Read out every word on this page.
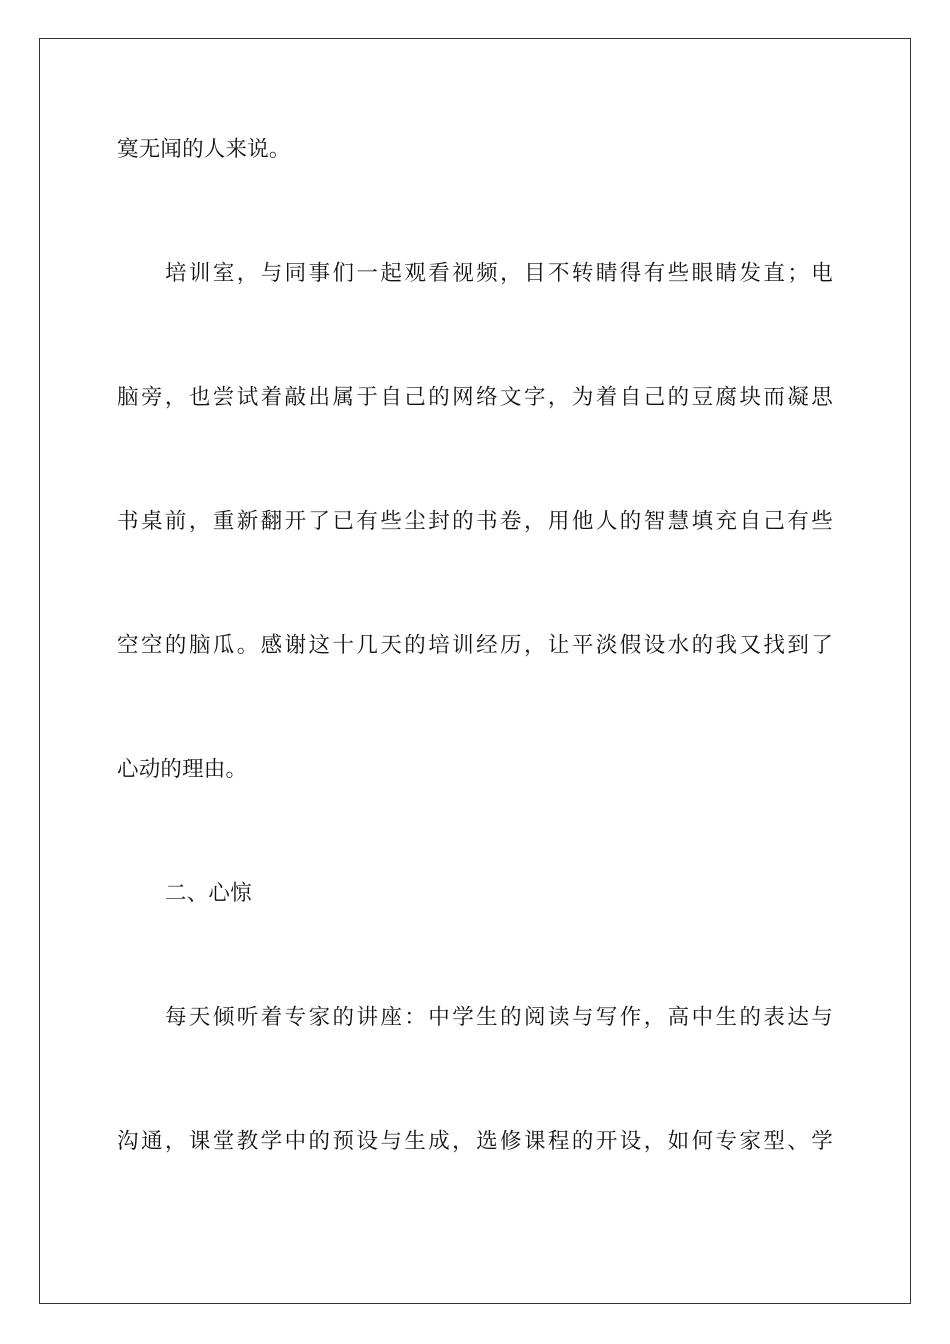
寞无闻的人来说。
培训室，与同事们一起观看视频，目不转睛得有些眼睛发直；电
脑旁，也尝试着敲出属于自己的网络文字，为着自己的豆腐块而凝思
书桌前，重新翻开了已有些尘封的书卷，用他人的智慧填充自己有些
空空的脑瓜。感谢这十几天的培训经历，让平淡假设水的我又找到了
心动的理由。
二、心惊
每天倾听着专家的讲座：中学生的阅读与写作，高中生的表达与
沟通，课堂教学中的预设与生成，选修课程的开设，如何专家型、学
